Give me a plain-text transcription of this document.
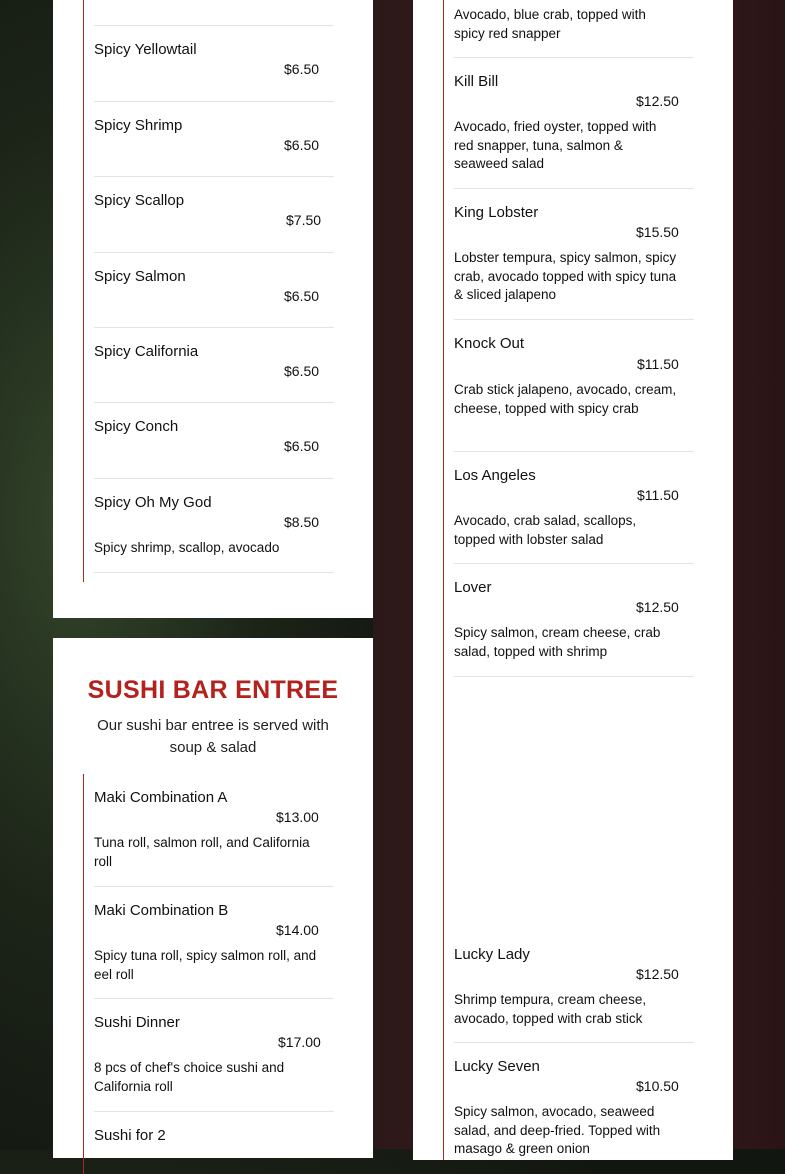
Spicy Yellowtail
$6.50
Spicy Shrimp
$6.50
Spicy Scallop
$7.50
Spicy Salmon
$6.50
Spicy California
$6.50
Spicy Conch
$6.50
Spicy Oh My God
$8.50
Spicy shrimp, scallop, avocado
SUSHI BAR ENTREE
Our sushi bar entree is served with soup & salad
Maki Combination A
$13.00
Tuna roll, salmon roll, and California roll
Maki Combination B
$14.00
Spicy tuna roll, spicy salmon roll, and eel roll
Sushi Dinner
$17.00
8 pcs of chef's choice sushi and California roll
Sushi for 2
Avocado, blue crab, topped with spicy red snapper
Kill Bill
$12.50
Avocado, fried oyster, topped with red snapper, tuna, salmon & seaweed salad
King Lobster
$15.50
Lobster tempura, spicy salmon, spicy crab, avocado topped with spicy tuna & sliced jalapeno
Knock Out
$11.50
Crab stick jalapeno, avocado, cream, cheese, topped with spicy crab
Los Angeles
$11.50
Avocado, crab salad, scallops, topped with lobster salad
Lover
$12.50
Spicy salmon, cream cheese, crab salad, topped with shrimp
Lucky Lady
$12.50
Shrimp tempura, cream cheese, avocado, topped with crab stick
Lucky Seven
$10.50
Spicy salmon, avocado, seaweed salad, and deep-fried. Topped with masago & green onion
